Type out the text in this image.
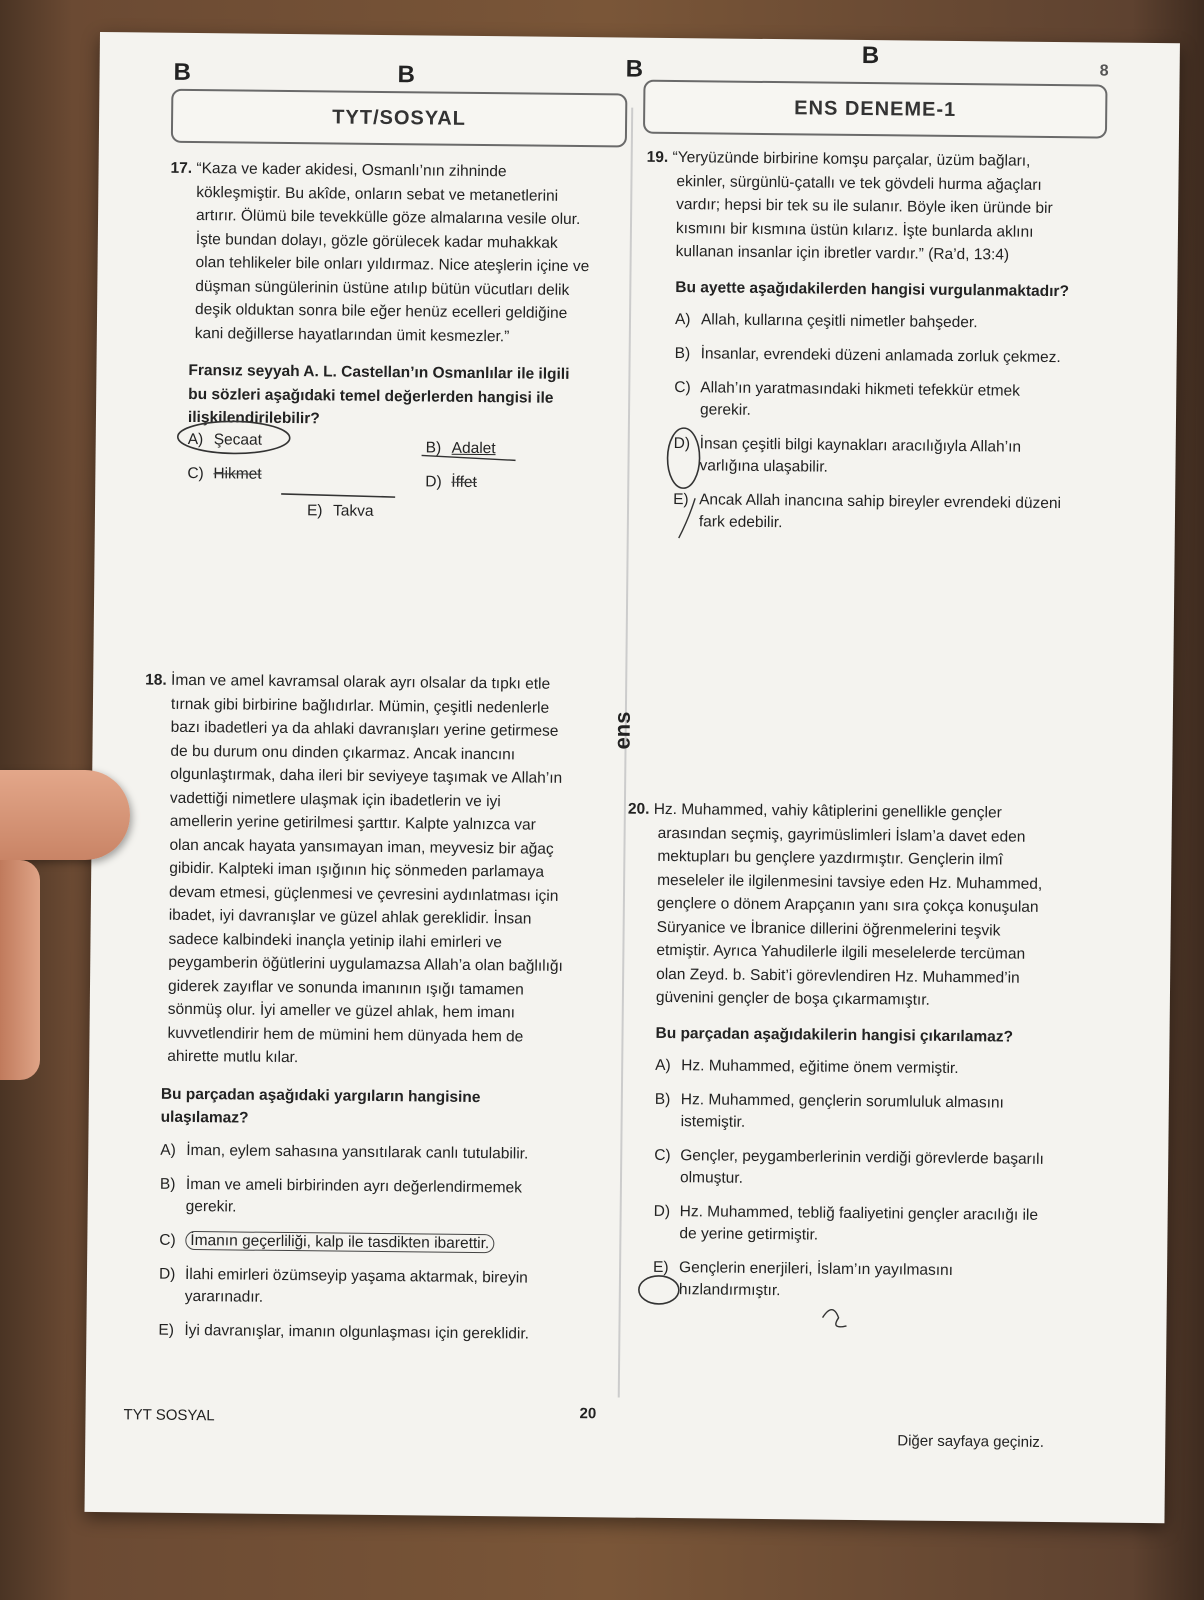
B	B	B	B
8
TYT/SOSYAL	ENS DENEME-1
ens
17. “Kaza ve kader akidesi, Osmanlı’nın zihninde
kökleşmiştir. Bu akîde, onların sebat ve metanetlerini
artırır. Ölümü bile tevekkülle göze almalarına vesile olur.
İşte bundan dolayı, gözle görülecek kadar muhakkak
olan tehlikeler bile onları yıldırmaz. Nice ateşlerin içine ve
düşman süngülerinin üstüne atılıp bütün vücutları delik
deşik olduktan sonra bile eğer henüz ecelleri geldiğine
kani değillerse hayatlarından ümit kesmezler.”
Fransız seyyah A. L. Castellan’ın Osmanlılar ile ilgili
bu sözleri aşağıdaki temel değerlerden hangisi ile
ilişkilendirilebilir?
A) Şecaat	B) Adalet
C) Hikmet	D) İffet
E) Takva
18. İman ve amel kavramsal olarak ayrı olsalar da tıpkı etle
tırnak gibi birbirine bağlıdırlar. Mümin, çeşitli nedenlerle
bazı ibadetleri ya da ahlaki davranışları yerine getirmese
de bu durum onu dinden çıkarmaz. Ancak inancını
olgunlaştırmak, daha ileri bir seviyeye taşımak ve Allah’ın
vadettiği nimetlere ulaşmak için ibadetlerin ve iyi
amellerin yerine getirilmesi şarttır. Kalpte yalnızca var
olan ancak hayata yansımayan iman, meyvesiz bir ağaç
gibidir. Kalpteki iman ışığının hiç sönmeden parlamaya
devam etmesi, güçlenmesi ve çevresini aydınlatması için
ibadet, iyi davranışlar ve güzel ahlak gereklidir. İnsan
sadece kalbindeki inançla yetinip ilahi emirleri ve
peygamberin öğütlerini uygulamazsa Allah’a olan bağlılığı
giderek zayıflar ve sonunda imanının ışığı tamamen
sönmüş olur. İyi ameller ve güzel ahlak, hem imanı
kuvvetlendirir hem de mümini hem dünyada hem de
ahirette mutlu kılar.
Bu parçadan aşağıdaki yargıların hangisine
ulaşılamaz?
A) İman, eylem sahasına yansıtılarak canlı tutulabilir.
B) İman ve ameli birbirinden ayrı değerlendirmemek
gerekir.
C) İmanın geçerliliği, kalp ile tasdikten ibarettir.
D) İlahi emirleri özümseyip yaşama aktarmak, bireyin
yararınadır.
E) İyi davranışlar, imanın olgunlaşması için gereklidir.
19. “Yeryüzünde birbirine komşu parçalar, üzüm bağları,
ekinler, sürgünlü-çatallı ve tek gövdeli hurma ağaçları
vardır; hepsi bir tek su ile sulanır. Böyle iken üründe bir
kısmını bir kısmına üstün kılarız. İşte bunlarda aklını
kullanan insanlar için ibretler vardır.” (Ra’d, 13:4)
Bu ayette aşağıdakilerden hangisi vurgulanmaktadır?
A) Allah, kullarına çeşitli nimetler bahşeder.
B) İnsanlar, evrendeki düzeni anlamada zorluk çekmez.
C) Allah’ın yaratmasındaki hikmeti tefekkür etmek
gerekir.
D) İnsan çeşitli bilgi kaynakları aracılığıyla Allah’ın
varlığına ulaşabilir.
E) Ancak Allah inancına sahip bireyler evrendeki düzeni
fark edebilir.
20. Hz. Muhammed, vahiy kâtiplerini genellikle gençler
arasından seçmiş, gayrimüslimleri İslam’a davet eden
mektupları bu gençlere yazdırmıştır. Gençlerin ilmî
meseleler ile ilgilenmesini tavsiye eden Hz. Muhammed,
gençlere o dönem Arapçanın yanı sıra çokça konuşulan
Süryanice ve İbranice dillerini öğrenmelerini teşvik
etmiştir. Ayrıca Yahudilerle ilgili meselelerde tercüman
olan Zeyd. b. Sabit’i görevlendiren Hz. Muhammed’in
güvenini gençler de boşa çıkarmamıştır.
Bu parçadan aşağıdakilerin hangisi çıkarılamaz?
A) Hz. Muhammed, eğitime önem vermiştir.
B) Hz. Muhammed, gençlerin sorumluluk almasını
istemiştir.
C) Gençler, peygamberlerinin verdiği görevlerde başarılı
olmuştur.
D) Hz. Muhammed, tebliğ faaliyetini gençler aracılığı ile
de yerine getirmiştir.
E) Gençlerin enerjileri, İslam’ın yayılmasını
hızlandırmıştır.
TYT SOSYAL	20
Diğer sayfaya geçiniz.
